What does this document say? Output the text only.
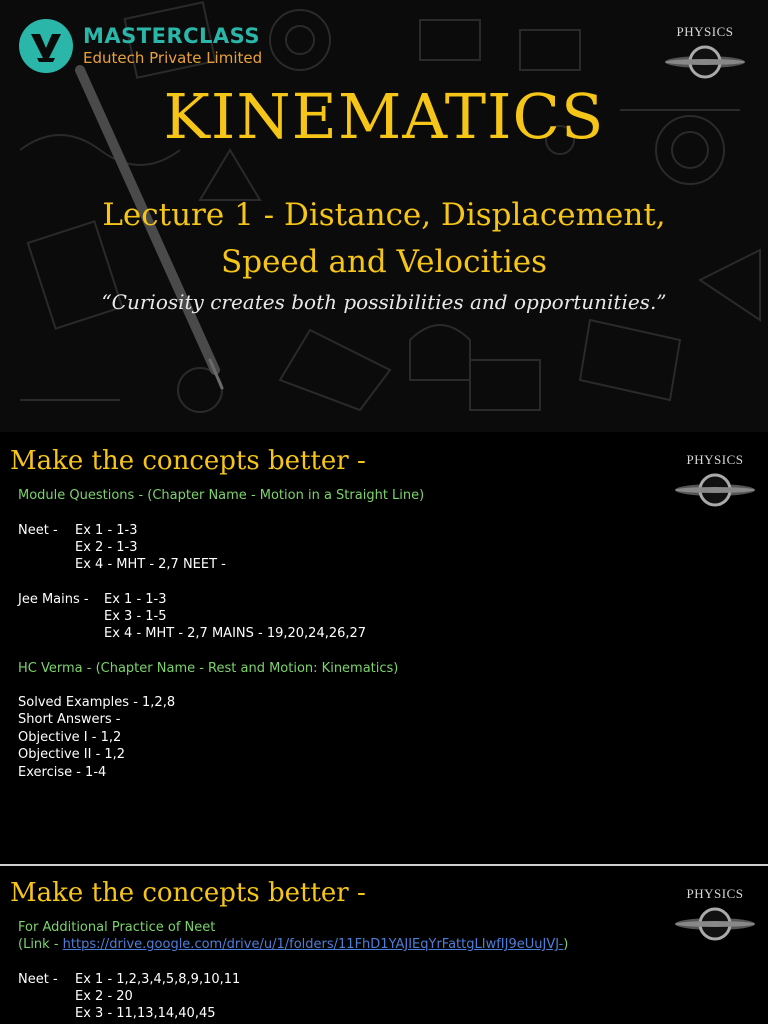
MASTERCLASS
Edutech Private Limited
PHYSICS
KINEMATICS
Lecture 1 - Distance, Displacement,
Speed and Velocities
“Curiosity creates both possibilities and opportunities.”
PHYSICS
Make the concepts better -
Module Questions - (Chapter Name - Motion in a Straight Line)
Neet - Ex 1 - 1-3
Ex 2 - 1-3
Ex 4 - MHT - 2,7 NEET -
Jee Mains - Ex 1 - 1-3
Ex 3 - 1-5
Ex 4 - MHT - 2,7 MAINS - 19,20,24,26,27
HC Verma - (Chapter Name - Rest and Motion: Kinematics)
Solved Examples - 1,2,8
Short Answers -
Objective I - 1,2
Objective II - 1,2
Exercise - 1-4
PHYSICS
Make the concepts better -
For Additional Practice of Neet
(Link - https://drive.google.com/drive/u/1/folders/11FhD1YAJIEqYrFattgLIwfIJ9eUuJVJ-)
Neet - Ex 1 - 1,2,3,4,5,8,9,10,11
Ex 2 - 20
Ex 3 - 11,13,14,40,45
